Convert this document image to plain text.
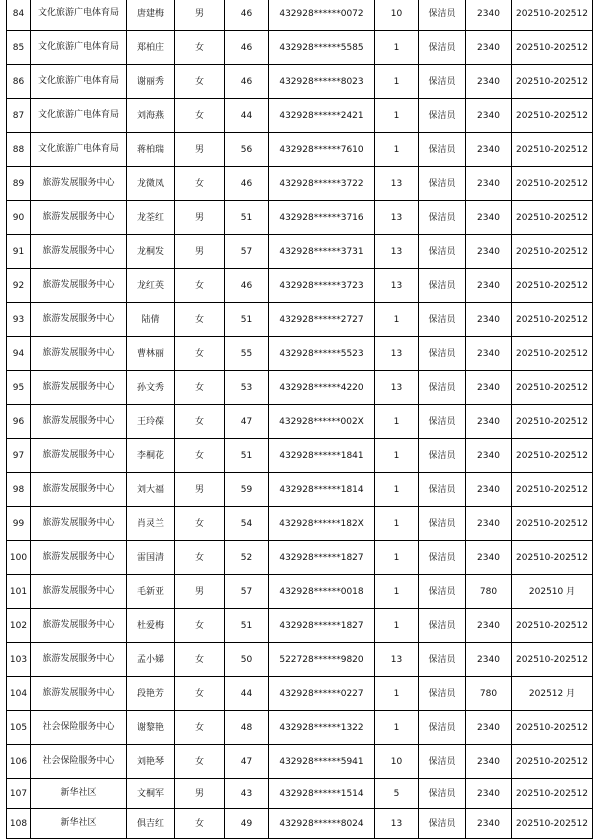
84	文化旅游广电体育局	唐建梅	男	46	432928******0072	10	保洁员	2340	202510-202512
85	文化旅游广电体育局	郑柏庄	女	46	432928******5585	1	保洁员	2340	202510-202512
86	文化旅游广电体育局	谢丽秀	女	46	432928******8023	1	保洁员	2340	202510-202512
87	文化旅游广电体育局	刘海燕	女	44	432928******2421	1	保洁员	2340	202510-202512
88	文化旅游广电体育局	蒋柏瑞	男	56	432928******7610	1	保洁员	2340	202510-202512
89	旅游发展服务中心	龙微凤	女	46	432928******3722	13	保洁员	2340	202510-202512
90	旅游发展服务中心	龙荃红	男	51	432928******3716	13	保洁员	2340	202510-202512
91	旅游发展服务中心	龙桐发	男	57	432928******3731	13	保洁员	2340	202510-202512
92	旅游发展服务中心	龙红英	女	46	432928******3723	13	保洁员	2340	202510-202512
93	旅游发展服务中心	陆倩	女	51	432928******2727	1	保洁员	2340	202510-202512
94	旅游发展服务中心	曹林丽	女	55	432928******5523	13	保洁员	2340	202510-202512
95	旅游发展服务中心	孙文秀	女	53	432928******4220	13	保洁员	2340	202510-202512
96	旅游发展服务中心	王玲葆	女	47	432928******002X	1	保洁员	2340	202510-202512
97	旅游发展服务中心	李桐花	女	51	432928******1841	1	保洁员	2340	202510-202512
98	旅游发展服务中心	刘大福	男	59	432928******1814	1	保洁员	2340	202510-202512
99	旅游发展服务中心	肖灵兰	女	54	432928******182X	1	保洁员	2340	202510-202512
100	旅游发展服务中心	雷国清	女	52	432928******1827	1	保洁员	2340	202510-202512
101	旅游发展服务中心	毛新亚	男	57	432928******0018	1	保洁员	780	202510 月
102	旅游发展服务中心	杜爱梅	女	51	432928******1827	1	保洁员	2340	202510-202512
103	旅游发展服务中心	孟小娣	女	50	522728******9820	13	保洁员	2340	202510-202512
104	旅游发展服务中心	段艳芳	女	44	432928******0227	1	保洁员	780	202512 月
105	社会保险服务中心	谢黎艳	女	48	432928******1322	1	保洁员	2340	202510-202512
106	社会保险服务中心	刘艳琴	女	47	432928******5941	10	保洁员	2340	202510-202512
107	新华社区	文桐军	男	43	432928******1514	5	保洁员	2340	202510-202512
108	新华社区	俱吉红	女	49	432928******8024	13	保洁员	2340	202510-202512
